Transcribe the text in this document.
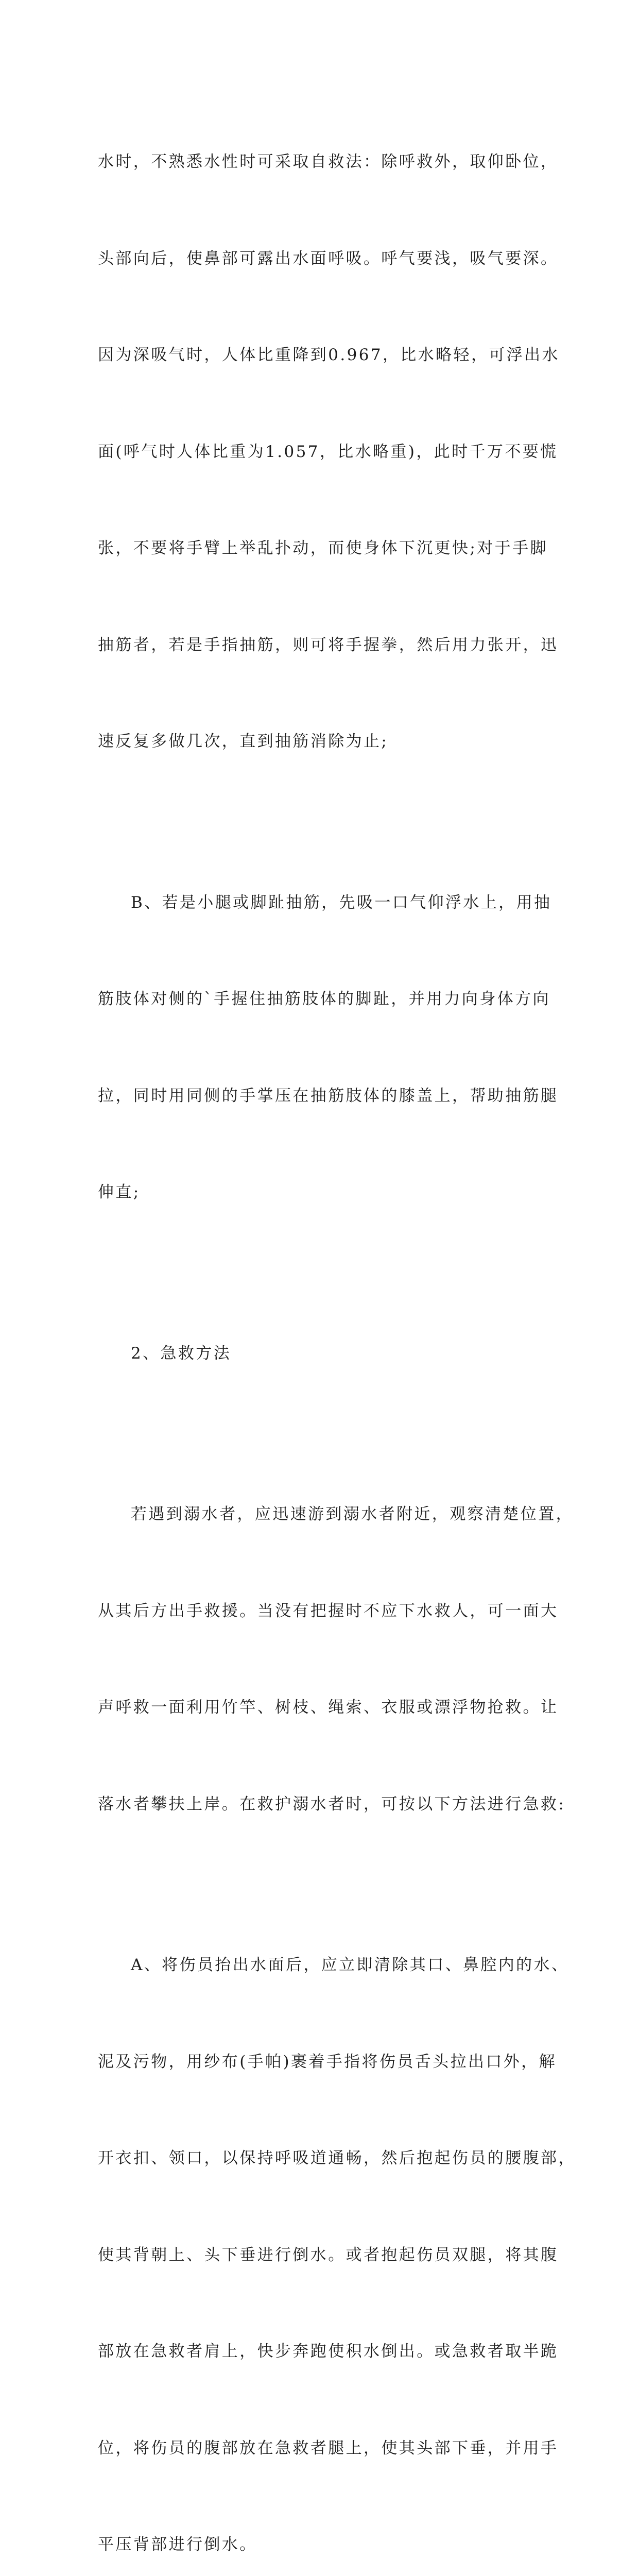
水时，不熟悉水性时可采取自救法：除呼救外，取仰卧位，

头部向后，使鼻部可露出水面呼吸。呼气要浅，吸气要深。

因为深吸气时，人体比重降到0.967，比水略轻，可浮出水

面(呼气时人体比重为1.057，比水略重)，此时千万不要慌

张，不要将手臂上举乱扑动，而使身体下沉更快;对于手脚

抽筋者，若是手指抽筋，则可将手握拳，然后用力张开，迅

速反复多做几次，直到抽筋消除为止;

B、若是小腿或脚趾抽筋，先吸一口气仰浮水上，用抽

筋肢体对侧的`手握住抽筋肢体的脚趾，并用力向身体方向

拉，同时用同侧的手掌压在抽筋肢体的膝盖上，帮助抽筋腿

伸直;

2、急救方法

若遇到溺水者，应迅速游到溺水者附近，观察清楚位置，

从其后方出手救援。当没有把握时不应下水救人，可一面大

声呼救一面利用竹竿、树枝、绳索、衣服或漂浮物抢救。让

落水者攀扶上岸。在救护溺水者时，可按以下方法进行急救:

A、将伤员抬出水面后，应立即清除其口、鼻腔内的水、

泥及污物，用纱布(手帕)裹着手指将伤员舌头拉出口外，解

开衣扣、领口，以保持呼吸道通畅，然后抱起伤员的腰腹部，

使其背朝上、头下垂进行倒水。或者抱起伤员双腿，将其腹

部放在急救者肩上，快步奔跑使积水倒出。或急救者取半跪

位，将伤员的腹部放在急救者腿上，使其头部下垂，并用手

平压背部进行倒水。
